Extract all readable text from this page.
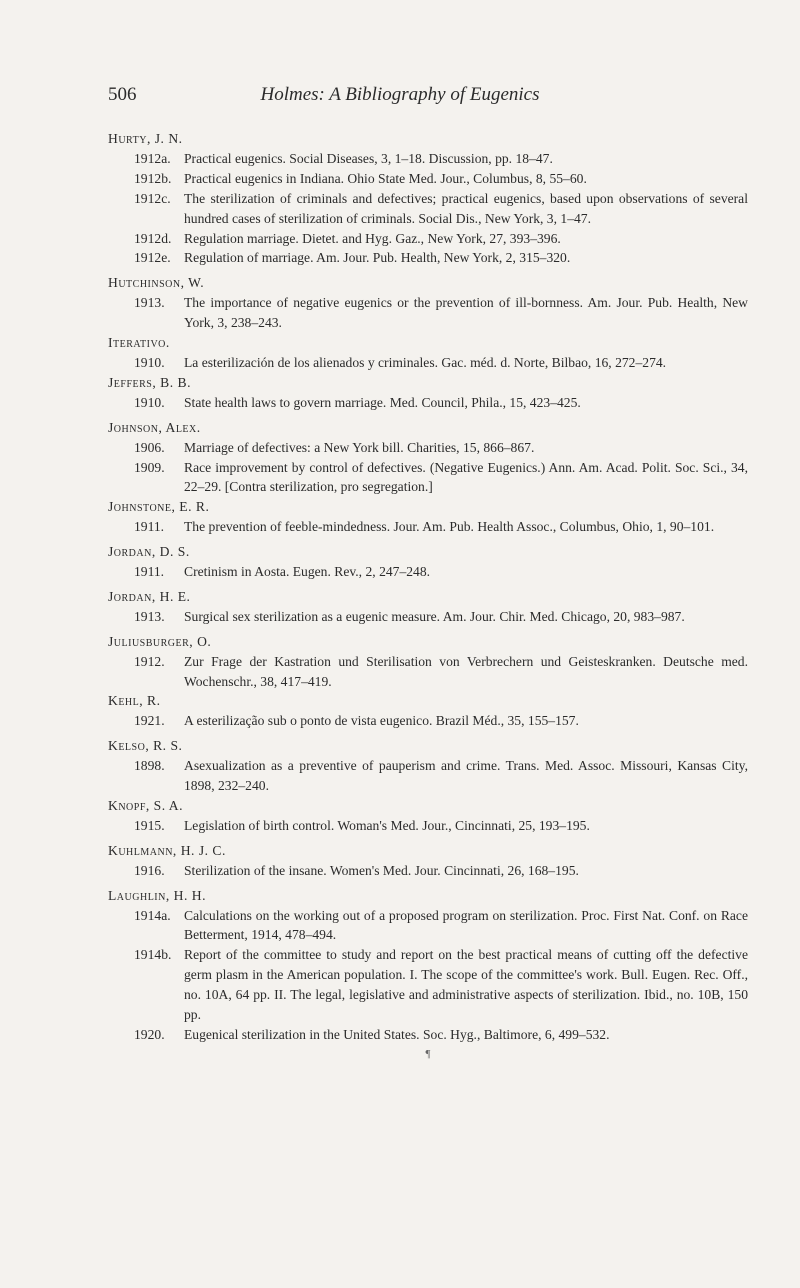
506	Holmes: A Bibliography of Eugenics
Hurty, J. N.
1912a. Practical eugenics. Social Diseases, 3, 1–18. Discussion, pp. 18–47.
1912b. Practical eugenics in Indiana. Ohio State Med. Jour., Columbus, 8, 55–60.
1912c. The sterilization of criminals and defectives; practical eugenics, based upon observations of several hundred cases of sterilization of criminals. Social Dis., New York, 3, 1–47.
1912d. Regulation marriage. Dietet. and Hyg. Gaz., New York, 27, 393–396.
1912e. Regulation of marriage. Am. Jour. Pub. Health, New York, 2, 315–320.
Hutchinson, W.
1913. The importance of negative eugenics or the prevention of ill-bornness. Am. Jour. Pub. Health, New York, 3, 238–243.
Iterativo.
1910. La esterilización de los alienados y criminales. Gac. méd. d. Norte, Bilbao, 16, 272–274.
Jeffers, B. B.
1910. State health laws to govern marriage. Med. Council, Phila., 15, 423–425.
Johnson, Alex.
1906. Marriage of defectives: a New York bill. Charities, 15, 866–867.
1909. Race improvement by control of defectives. (Negative Eugenics.) Ann. Am. Acad. Polit. Soc. Sci., 34, 22–29. [Contra sterilization, pro segregation.]
Johnstone, E. R.
1911. The prevention of feeble-mindedness. Jour. Am. Pub. Health Assoc., Columbus, Ohio, 1, 90–101.
Jordan, D. S.
1911. Cretinism in Aosta. Eugen. Rev., 2, 247–248.
Jordan, H. E.
1913. Surgical sex sterilization as a eugenic measure. Am. Jour. Chir. Med. Chicago, 20, 983–987.
Juliusburger, O.
1912. Zur Frage der Kastration und Sterilisation von Verbrechern und Geisteskranken. Deutsche med. Wochenschr., 38, 417–419.
Kehl, R.
1921. A esterilização sub o ponto de vista eugenico. Brazil Méd., 35, 155–157.
Kelso, R. S.
1898. Asexualization as a preventive of pauperism and crime. Trans. Med. Assoc. Missouri, Kansas City, 1898, 232–240.
Knopf, S. A.
1915. Legislation of birth control. Woman's Med. Jour., Cincinnati, 25, 193–195.
Kuhlmann, H. J. C.
1916. Sterilization of the insane. Women's Med. Jour. Cincinnati, 26, 168–195.
Laughlin, H. H.
1914a. Calculations on the working out of a proposed program on sterilization. Proc. First Nat. Conf. on Race Betterment, 1914, 478–494.
1914b. Report of the committee to study and report on the best practical means of cutting off the defective germ plasm in the American population. I. The scope of the committee's work. Bull. Eugen. Rec. Off., no. 10A, 64 pp. II. The legal, legislative and administrative aspects of sterilization. Ibid., no. 10B, 150 pp.
1920. Eugenical sterilization in the United States. Soc. Hyg., Baltimore, 6, 499–532.
¶
